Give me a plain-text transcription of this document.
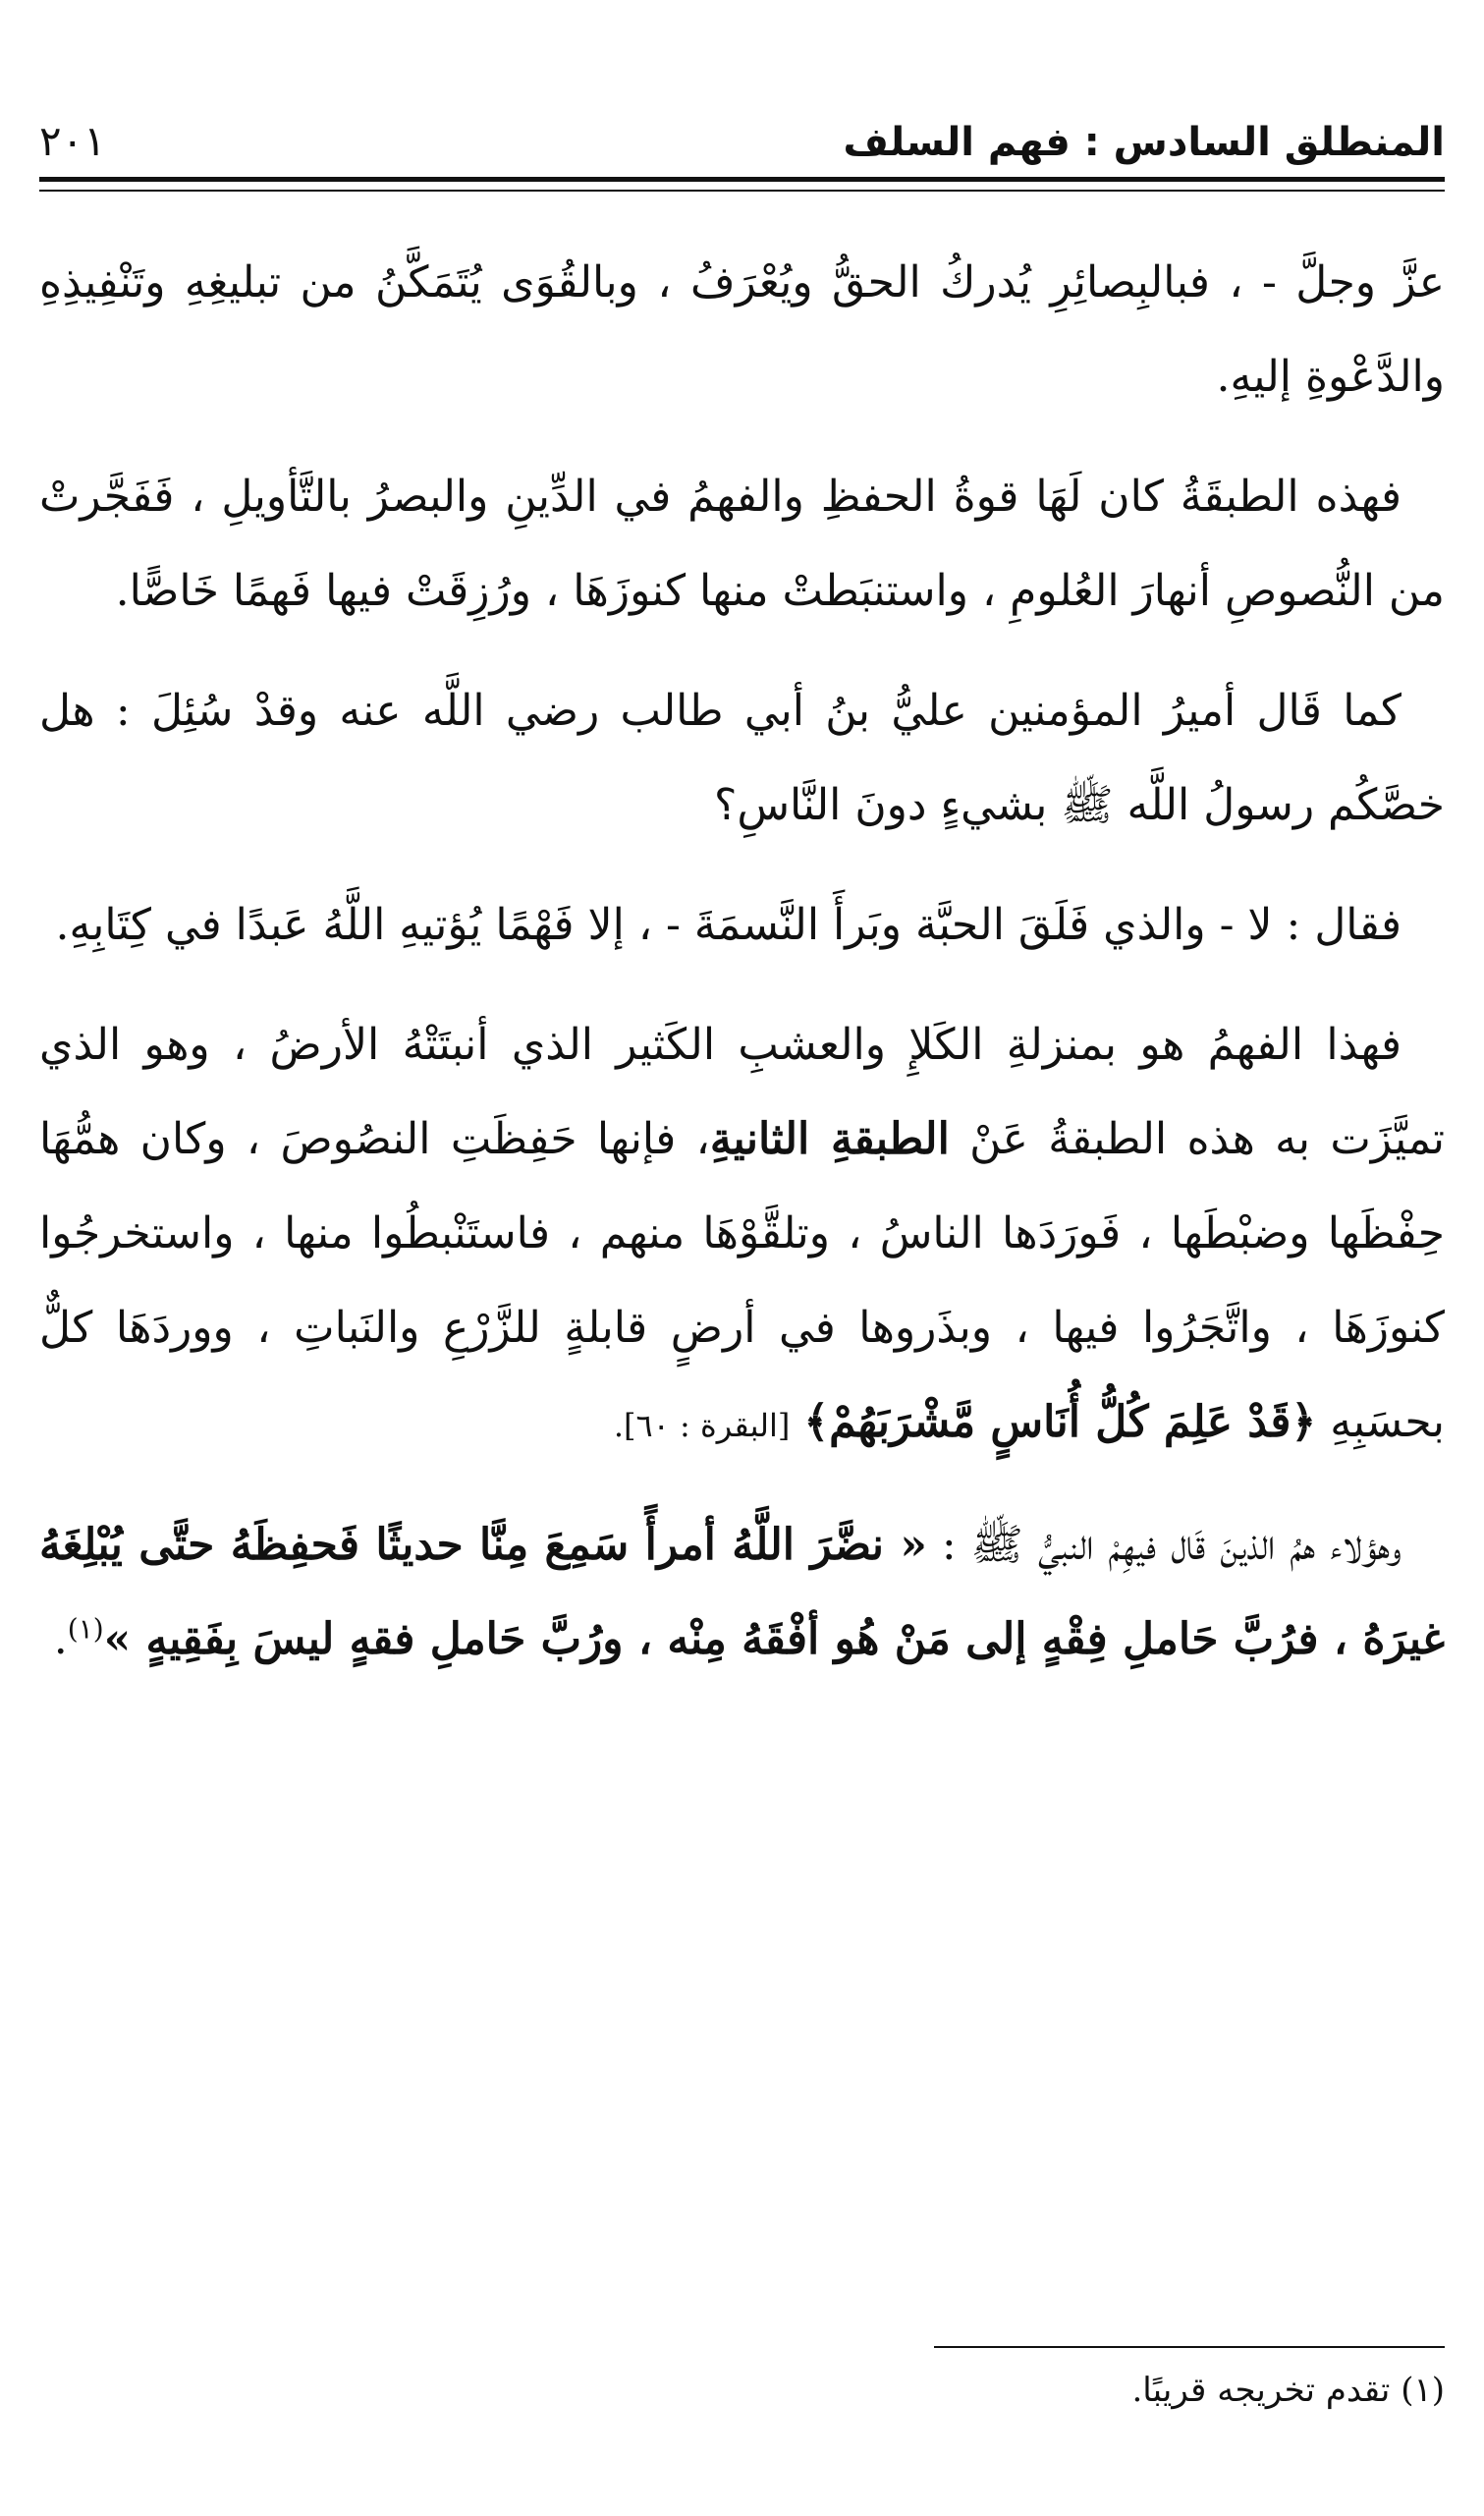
المنطلق السادس : فهم السلف
٢٠١

عزَّ وجلَّ - ، فبالبِصائِرِ يُدركُ الحقُّ ويُعْرَفُ ، وبالقُوَى يُتَمَكَّنُ من تبليغِهِ وتَنْفِيذِهِ والدَّعْوةِ إليهِ.

فهذه الطبقَةُ كان لَهَا قوةُ الحفظِ والفهمُ في الدِّينِ والبصرُ بالتَّأويلِ ، فَفَجَّرتْ من النُّصوصِ أنهارَ العُلومِ ، واستنبَطتْ منها كنوزَهَا ، ورُزِقَتْ فيها فَهمًا خَاصًّا.

كما قَال أميرُ المؤمنين عليُّ بنُ أبي طالب رضي اللَّه عنه وقدْ سُئِلَ : هل خصَّكُم رسولُ اللَّه ﷺ بشيءٍ دونَ النَّاسِ؟

فقال : لا - والذي فَلَقَ الحبَّة وبَرأَ النَّسمَةَ - ، إلا فَهْمًا يُؤتيهِ اللَّهُ عَبدًا في كِتَابِهِ.

فهذا الفهمُ هو بمنزلةِ الكَلإِ والعشبِ الكَثير الذي أنبتَتْهُ الأرضُ ، وهو الذي تميَّزَت به هذه الطبقةُ عَنْ الطبقةِ الثانيةِ، فإنها حَفِظَتِ النصُوصَ ، وكان همُّهَا حِفْظَها وضبْطَها ، فَورَدَها الناسُ ، وتلقَّوْهَا منهم ، فاستَنْبطُوا منها ، واستخرجُوا كنوزَهَا ، واتَّجَرُوا فيها ، وبذَروها في أرضٍ قابلةٍ للزَّرْعِ والنَباتِ ، ووردَهَا كلٌّ بحسَبِهِ ﴿قَدْ عَلِمَ كُلُّ أُنَاسٍ مَّشْرَبَهُمْ﴾ [البقرة : ٦٠].

وهؤلاء همُ الذينَ قَال فيهِمْ النبيُّ ﷺ : « نضَّرَ اللَّهُ أمرأً سَمِعَ مِنَّا حديثًا فَحفِظَهُ حتَّى يُبْلِغَهُ غيرَهُ ، فرُبَّ حَاملِ فِقْهٍ إلى مَنْ هُو أفْقَهُ مِنْه ، ورُبَّ حَاملِ فقهٍ ليسَ بِفَقِيهٍ »$^{(١)}$.

(١) تقدم تخريجه قريبًا.
